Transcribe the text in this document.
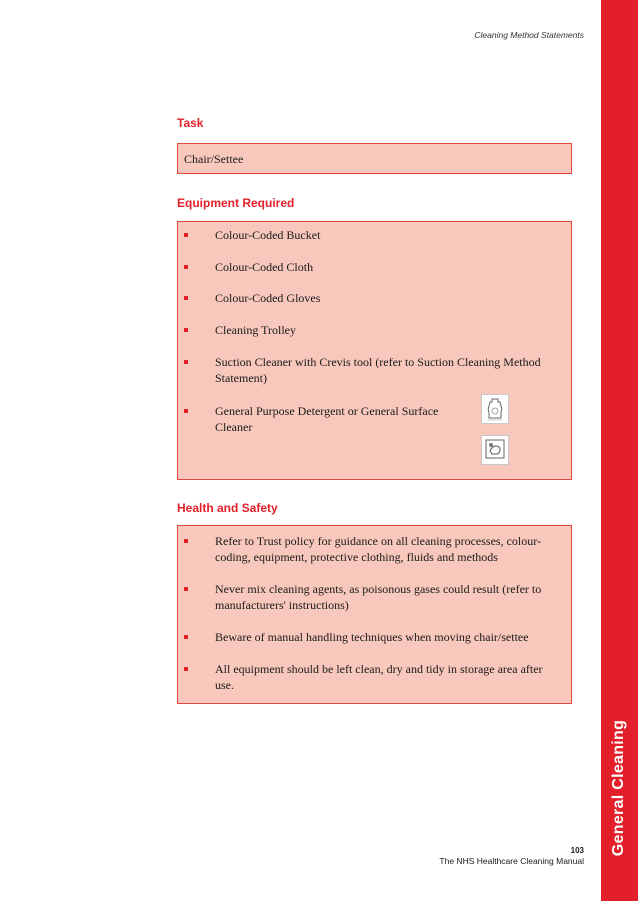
Cleaning Method Statements
General Cleaning
Task
Chair/Settee
Equipment Required
Colour-Coded Bucket
Colour-Coded Cloth
Colour-Coded Gloves
Cleaning Trolley
Suction Cleaner with Crevis tool (refer to Suction Cleaning Method Statement)
General Purpose Detergent or General Surface Cleaner
Health and Safety
Refer to Trust policy for guidance on all cleaning processes, colour-coding, equipment, protective clothing, fluids and methods
Never mix cleaning agents, as poisonous gases could result (refer to manufacturers' instructions)
Beware of manual handling techniques when moving chair/settee
All equipment should be left clean, dry and tidy in storage area after use.
103
The NHS Healthcare Cleaning Manual
